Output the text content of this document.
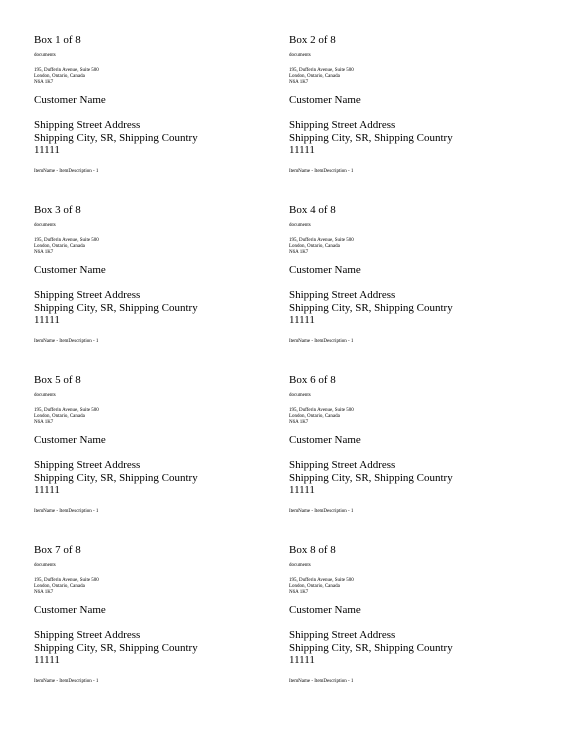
Box 1 of 8
documents
195, Dufferin Avenue, Suite 500
London, Ontario, Canada
N6A 1K7
Customer Name
Shipping Street Address
Shipping City, SR, Shipping Country
11111
ItemName - ItemDescription - 1
Box 2 of 8
documents
195, Dufferin Avenue, Suite 500
London, Ontario, Canada
N6A 1K7
Customer Name
Shipping Street Address
Shipping City, SR, Shipping Country
11111
ItemName - ItemDescription - 1
Box 3 of 8
documents
195, Dufferin Avenue, Suite 500
London, Ontario, Canada
N6A 1K7
Customer Name
Shipping Street Address
Shipping City, SR, Shipping Country
11111
ItemName - ItemDescription - 1
Box 4 of 8
documents
195, Dufferin Avenue, Suite 500
London, Ontario, Canada
N6A 1K7
Customer Name
Shipping Street Address
Shipping City, SR, Shipping Country
11111
ItemName - ItemDescription - 1
Box 5 of 8
documents
195, Dufferin Avenue, Suite 500
London, Ontario, Canada
N6A 1K7
Customer Name
Shipping Street Address
Shipping City, SR, Shipping Country
11111
ItemName - ItemDescription - 1
Box 6 of 8
documents
195, Dufferin Avenue, Suite 500
London, Ontario, Canada
N6A 1K7
Customer Name
Shipping Street Address
Shipping City, SR, Shipping Country
11111
ItemName - ItemDescription - 1
Box 7 of 8
documents
195, Dufferin Avenue, Suite 500
London, Ontario, Canada
N6A 1K7
Customer Name
Shipping Street Address
Shipping City, SR, Shipping Country
11111
ItemName - ItemDescription - 1
Box 8 of 8
documents
195, Dufferin Avenue, Suite 500
London, Ontario, Canada
N6A 1K7
Customer Name
Shipping Street Address
Shipping City, SR, Shipping Country
11111
ItemName - ItemDescription - 1
